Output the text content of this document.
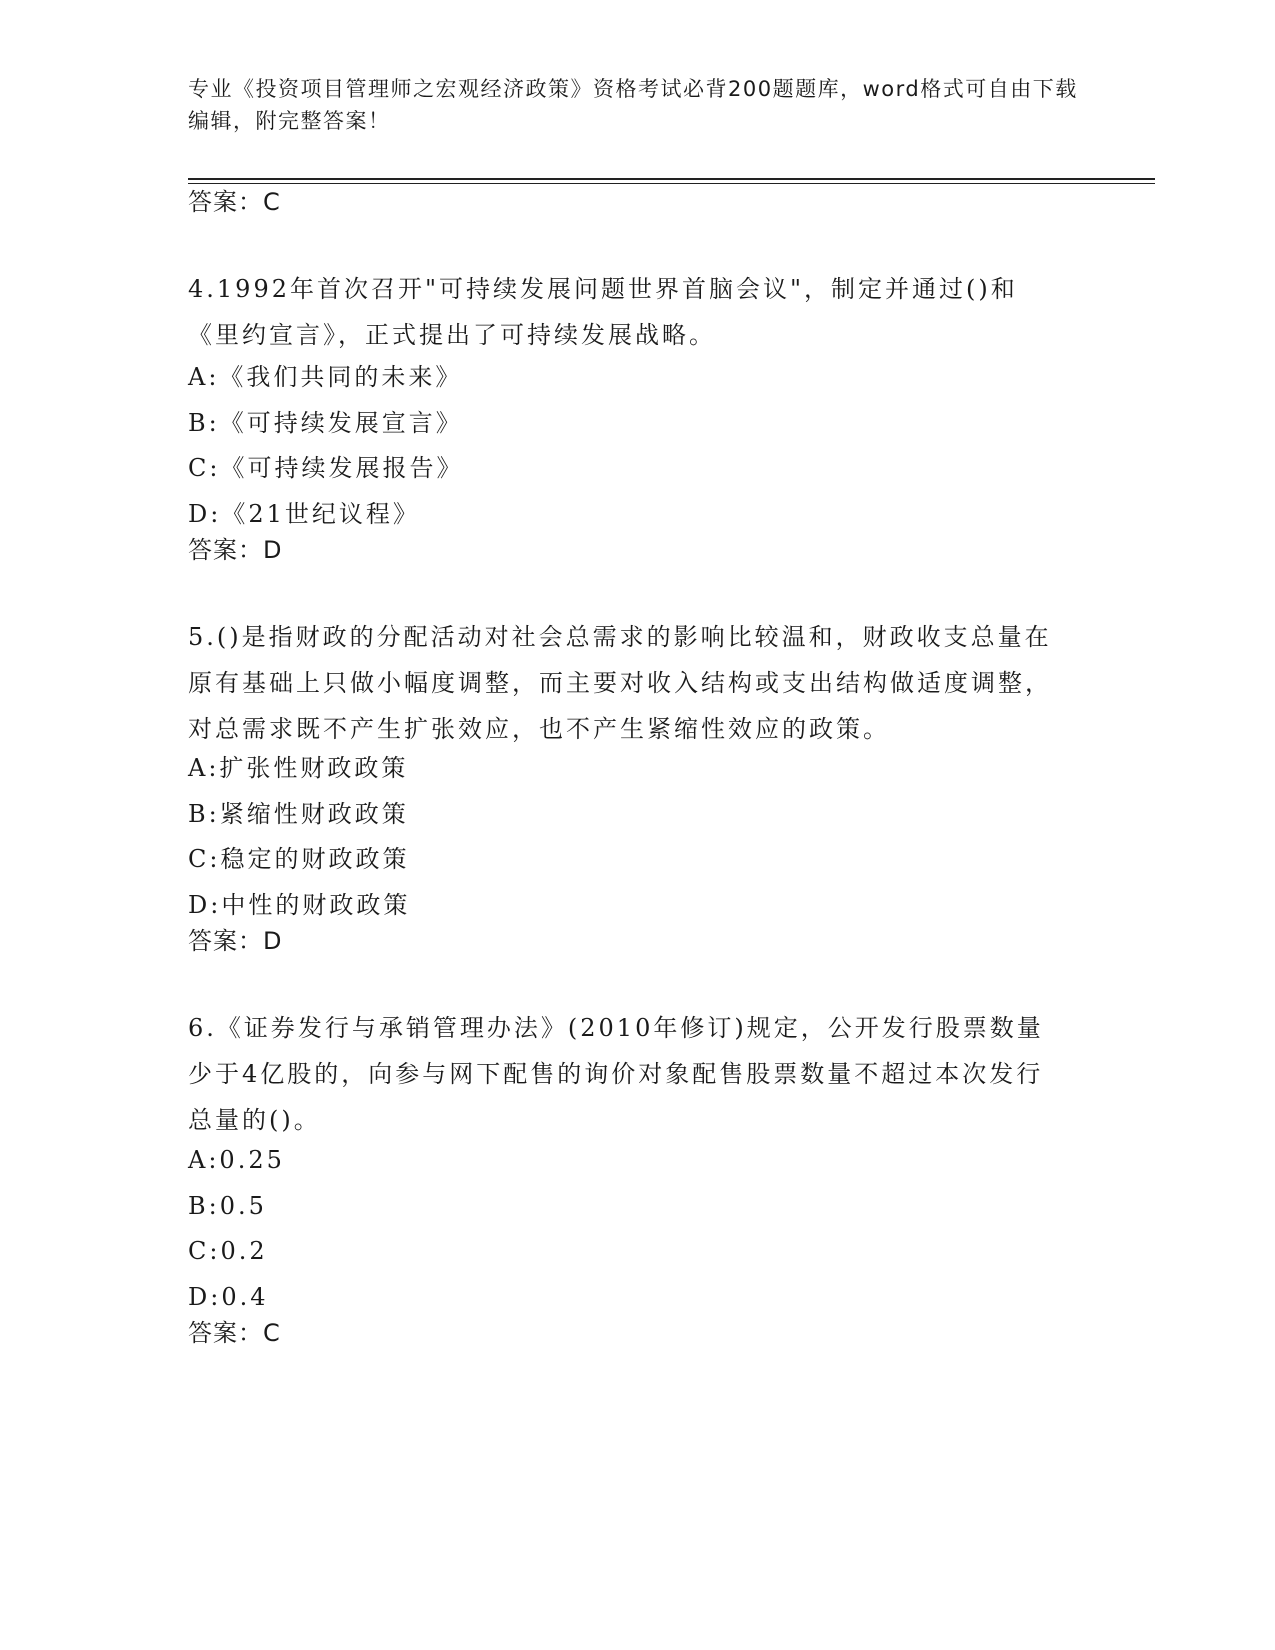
专业《投资项目管理师之宏观经济政策》资格考试必背200题题库，word格式可自由下载编辑，附完整答案！
答案：C
4.1992年首次召开"可持续发展问题世界首脑会议"，制定并通过()和《里约宣言》，正式提出了可持续发展战略。
A:《我们共同的未来》
B:《可持续发展宣言》
C:《可持续发展报告》
D:《21世纪议程》
答案：D
5.()是指财政的分配活动对社会总需求的影响比较温和，财政收支总量在原有基础上只做小幅度调整，而主要对收入结构或支出结构做适度调整，对总需求既不产生扩张效应，也不产生紧缩性效应的政策。
A:扩张性财政政策
B:紧缩性财政政策
C:稳定的财政政策
D:中性的财政政策
答案：D
6.《证券发行与承销管理办法》(2010年修订)规定，公开发行股票数量少于4亿股的，向参与网下配售的询价对象配售股票数量不超过本次发行总量的()。
A:0.25
B:0.5
C:0.2
D:0.4
答案：C
